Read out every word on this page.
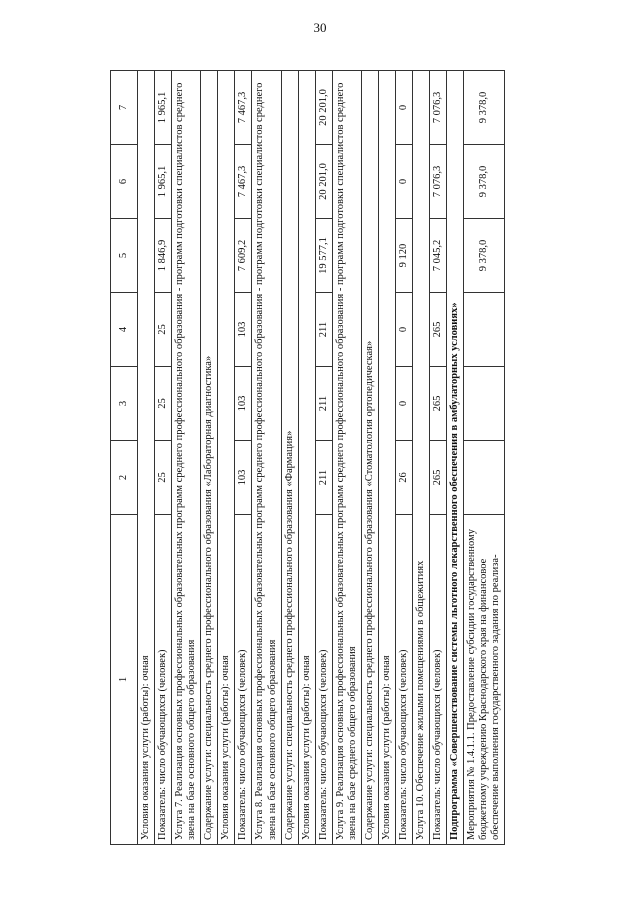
30
1	2	3	4	5	6	7
Условия оказания услуги (работы): очная						
Показатель: число обучающихся (человек)	25	25	25	1 846,9	1 965,1	1 965,1
Услуга 7. Реализация основных профессиональных образовательных программ среднего профессионального образования - программ подготовки специалистов среднего звена на базе основного общего образования						
Содержание услуги: специальность среднего профессионального образования «Лабораторная диагностика»						
Условия оказания услуги (работы): очная						
Показатель: число обучающихся (человек)	103	103	103	7 609,2	7 467,3	7 467,3
Услуга 8. Реализация основных профессиональных образовательных программ среднего профессионального образования - программ подготовки специалистов среднего звена на базе основного общего образования						
Содержание услуги: специальность среднего профессионального образования «Фармация»						
Условия оказания услуги (работы): очная						
Показатель: число обучающихся (человек)	211	211	211	19 577,1	20 201,0	20 201,0
Услуга 9. Реализация основных профессиональных образовательных программ среднего профессионального образования - программ подготовки специалистов среднего звена на базе среднего общего образования						
Содержание услуги: специальность среднего профессионального образования «Стоматология ортопедическая»						
Условия оказания услуги (работы): очная						
Показатель: число обучающихся (человек)	26	0	0	9 120	0	0
Услуга 10. Обеспечение жилыми помещениями в общежитиях						
Показатель: число обучающихся (человек)	265	265	265	7 045,2	7 076,3	7 076,3
Подпрограмма «Совершенствование системы льготного лекарственного обеспечения в амбулаторных условиях»						
Мероприятия № 1.4.1.1. Предоставление субсидии государственному бюджетному учреждению Краснодарского края на финансовое обеспечение выполнения государственного задания по реализа-				9 378,0	9 378,0	9 378,0
